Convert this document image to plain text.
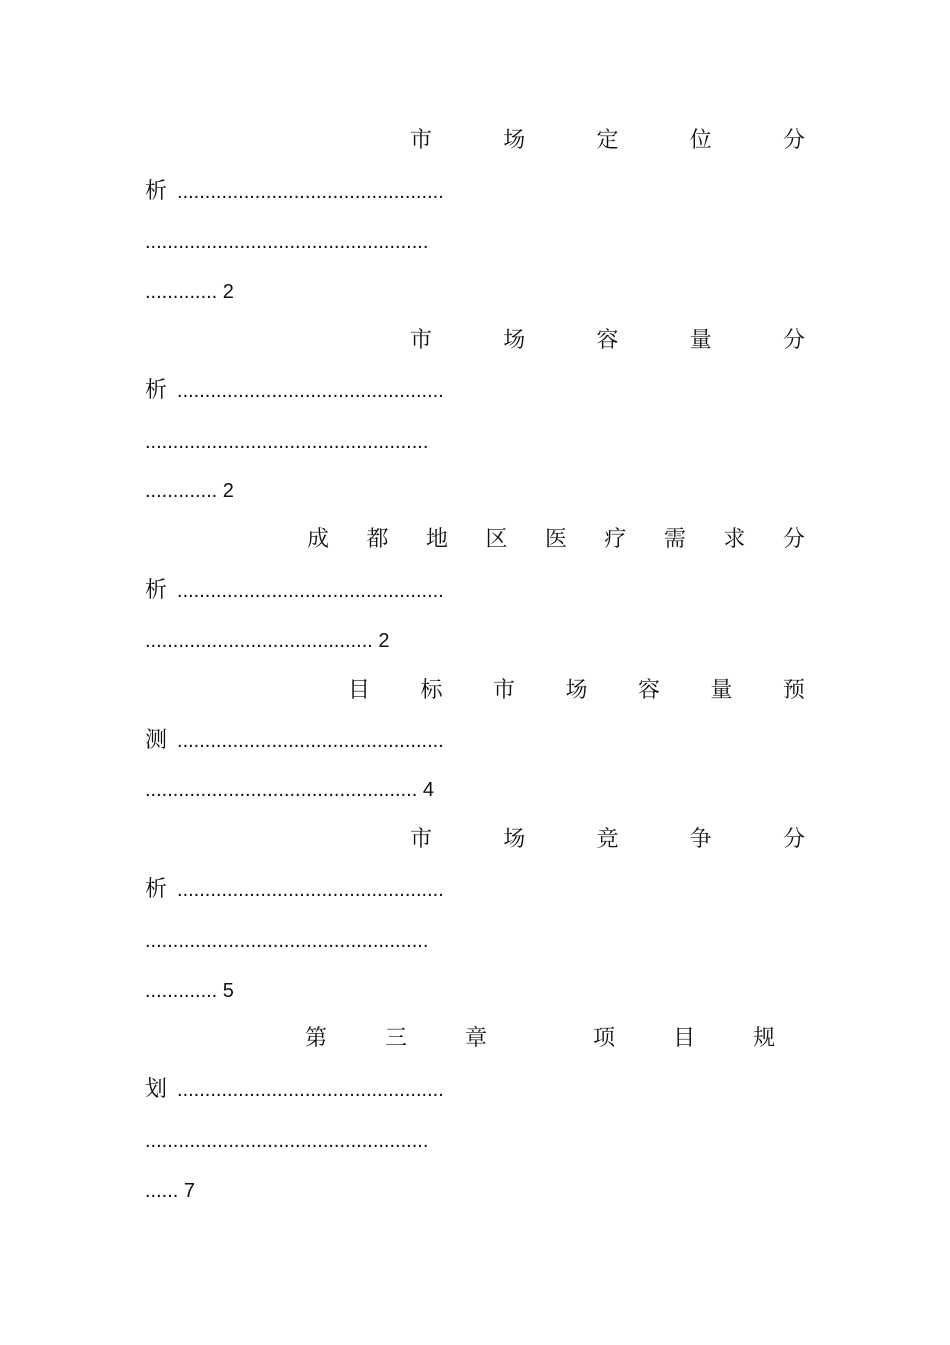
市	场	定	位	分
析 ................................................
...................................................
............. 2
市	场	容	量	分
析 ................................................
...................................................
............. 2
成 都 地 区 医 疗 需 求 分
析 ................................................
......................................... 2
目 标 市 场 容 量 预
测 ................................................
................................................. 4
市	场	竞	争	分
析 ................................................
...................................................
............. 5
第	三	章	项	目	规
划 ................................................
...................................................
...... 7
